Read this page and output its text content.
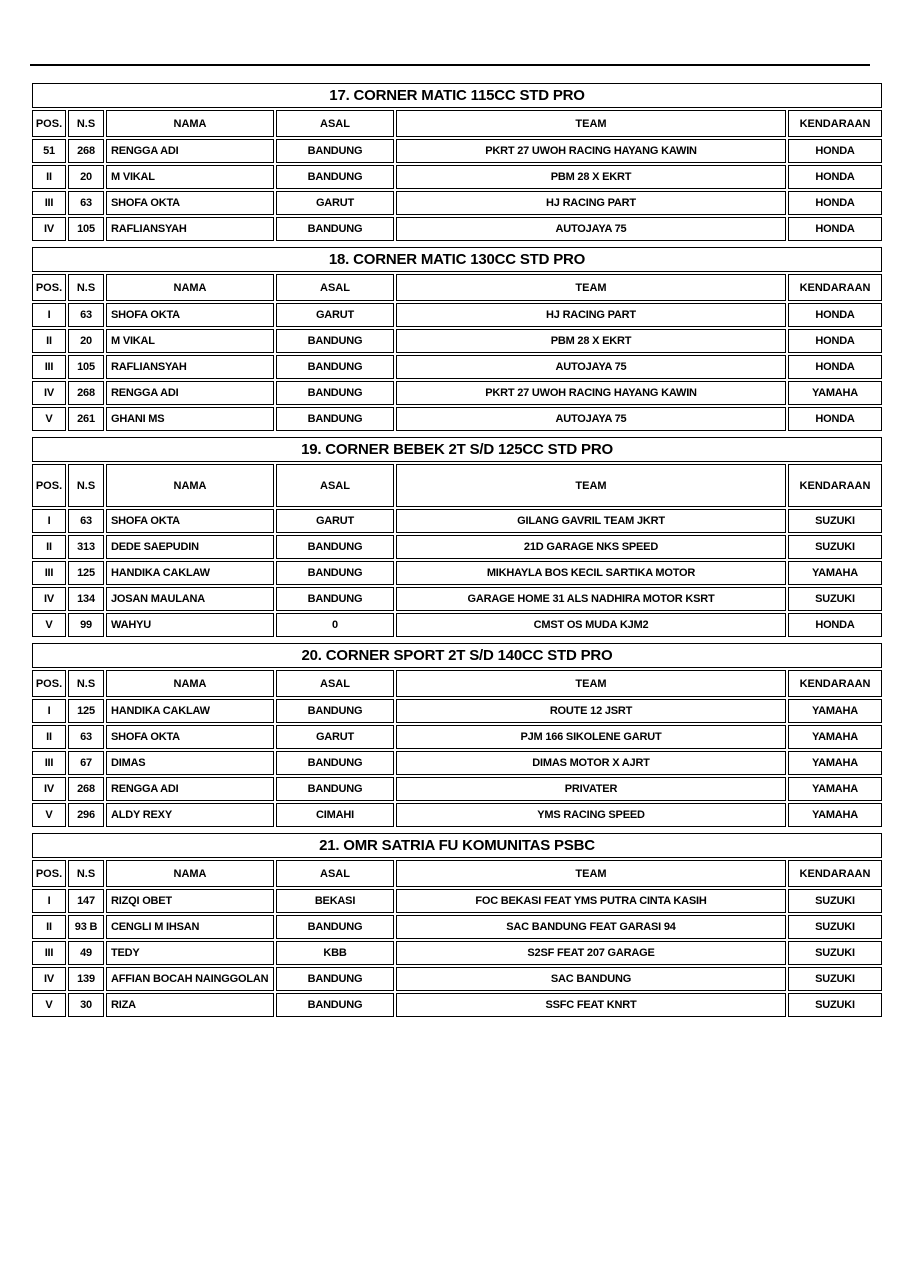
17. CORNER MATIC 115CC STD PRO					
POS.	N.S	NAMA	ASAL	TEAM	KENDARAAN
51	268	RENGGA ADI	BANDUNG	PKRT 27 UWOH RACING HAYANG KAWIN	HONDA
II	20	M VIKAL	BANDUNG	PBM 28 X EKRT	HONDA
III	63	SHOFA OKTA	GARUT	HJ RACING PART	HONDA
IV	105	RAFLIANSYAH	BANDUNG	AUTOJAYA 75	HONDA
18. CORNER MATIC 130CC STD PRO					
POS.	N.S	NAMA	ASAL	TEAM	KENDARAAN
I	63	SHOFA OKTA	GARUT	HJ RACING PART	HONDA
II	20	M VIKAL	BANDUNG	PBM 28 X EKRT	HONDA
III	105	RAFLIANSYAH	BANDUNG	AUTOJAYA 75	HONDA
IV	268	RENGGA ADI	BANDUNG	PKRT 27 UWOH RACING HAYANG KAWIN	YAMAHA
V	261	GHANI MS	BANDUNG	AUTOJAYA 75	HONDA
19. CORNER BEBEK 2T S/D 125CC STD PRO					
POS.	N.S	NAMA	ASAL	TEAM	KENDARAAN
I	63	SHOFA OKTA	GARUT	GILANG GAVRIL TEAM JKRT	SUZUKI
II	313	DEDE SAEPUDIN	BANDUNG	21D GARAGE NKS SPEED	SUZUKI
III	125	HANDIKA CAKLAW	BANDUNG	MIKHAYLA BOS KECIL SARTIKA MOTOR	YAMAHA
IV	134	JOSAN MAULANA	BANDUNG	GARAGE HOME 31 ALS NADHIRA MOTOR KSRT	SUZUKI
V	99	WAHYU	0	CMST OS MUDA KJM2	HONDA
20. CORNER SPORT 2T S/D 140CC STD PRO					
POS.	N.S	NAMA	ASAL	TEAM	KENDARAAN
I	125	HANDIKA CAKLAW	BANDUNG	ROUTE 12 JSRT	YAMAHA
II	63	SHOFA OKTA	GARUT	PJM 166 SIKOLENE GARUT	YAMAHA
III	67	DIMAS	BANDUNG	DIMAS MOTOR X AJRT	YAMAHA
IV	268	RENGGA ADI	BANDUNG	PRIVATER	YAMAHA
V	296	ALDY REXY	CIMAHI	YMS RACING SPEED	YAMAHA
21. OMR SATRIA FU KOMUNITAS PSBC					
POS.	N.S	NAMA	ASAL	TEAM	KENDARAAN
I	147	RIZQI OBET	BEKASI	FOC BEKASI FEAT YMS PUTRA CINTA KASIH	SUZUKI
II	93 B	CENGLI M IHSAN	BANDUNG	SAC BANDUNG FEAT GARASI 94	SUZUKI
III	49	TEDY	KBB	S2SF FEAT 207 GARAGE	SUZUKI
IV	139	AFFIAN BOCAH NAINGGOLAN	BANDUNG	SAC BANDUNG	SUZUKI
V	30	RIZA	BANDUNG	SSFC FEAT KNRT	SUZUKI
